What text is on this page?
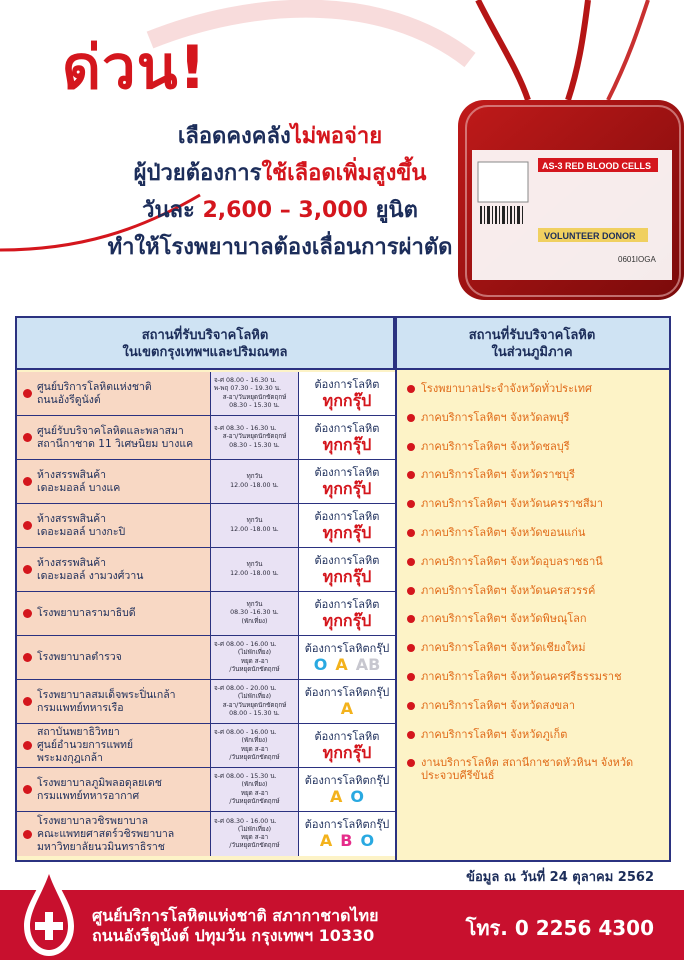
ด่วน!
เลือดคงคลังไม่พอจ่าย
ผู้ป่วยต้องการใช้เลือดเพิ่มสูงขึ้น
วันละ 2,600 – 3,000 ยูนิต
ทำให้โรงพยาบาลต้องเลื่อนการผ่าตัด
AS-3 RED BLOOD CELLS
VOLUNTEER DONOR
0601IOGA
สถานที่รับบริจาคโลหิต
ในเขตกรุงเทพฯและปริมณฑล
สถานที่รับบริจาคโลหิต
ในส่วนภูมิภาค
ศูนย์บริการโลหิตแห่งชาติ
ถนนอังรีดูนังต์
จ-ศ 08.00 - 16.30 น.
พ-พฤ 07.30 - 19.30 น.
ส-อา/วันหยุดนักขัตฤกษ์
08.30 - 15.30 น.
ต้องการโลหิต
ทุกกรุ๊ป
ศูนย์รับบริจาคโลหิตและพลาสมา
สถานีกาชาด 11 วิเศษนิยม บางแค
จ-ศ 08.30 - 16.30 น.
ส-อา/วันหยุดนักขัตฤกษ์
08.30 - 15.30 น.
ต้องการโลหิต
ทุกกรุ๊ป
ห้างสรรพสินค้า
เดอะมอลล์ บางแค
ทุกวัน
12.00 -18.00 น.
ต้องการโลหิต
ทุกกรุ๊ป
ห้างสรรพสินค้า
เดอะมอลล์ บางกะปิ
ทุกวัน
12.00 -18.00 น.
ต้องการโลหิต
ทุกกรุ๊ป
ห้างสรรพสินค้า
เดอะมอลล์ งามวงศ์วาน
ทุกวัน
12.00 -18.00 น.
ต้องการโลหิต
ทุกกรุ๊ป
โรงพยาบาลรามาธิบดี
ทุกวัน
08.30 -16.30 น.
(พักเที่ยง)
ต้องการโลหิต
ทุกกรุ๊ป
โรงพยาบาลตำรวจ
จ-ศ 08.00 - 16.00 น.
(ไม่พักเที่ยง)
หยุด ส-อา
/วันหยุดนักขัตฤกษ์
ต้องการโลหิตกรุ๊ป
O A AB
โรงพยาบาลสมเด็จพระปิ่นเกล้า
กรมแพทย์ทหารเรือ
จ-ศ 08.00 - 20.00 น.
(ไม่พักเที่ยง)
ส-อา/วันหยุดนักขัตฤกษ์
08.00 - 15.30 น.
ต้องการโลหิตกรุ๊ป
A
สถาบันพยาธิวิทยา
ศูนย์อำนวยการแพทย์
พระมงกุฎเกล้า
จ-ศ 08.00 - 16.00 น.
(พักเที่ยง)
หยุด ส-อา
/วันหยุดนักขัตฤกษ์
ต้องการโลหิต
ทุกกรุ๊ป
โรงพยาบาลภูมิพลอดุลยเดช
กรมแพทย์ทหารอากาศ
จ-ศ 08.00 - 15.30 น.
(พักเที่ยง)
หยุด ส-อา
/วันหยุดนักขัตฤกษ์
ต้องการโลหิตกรุ๊ป
A O
โรงพยาบาลวชิรพยาบาล
คณะแพทยศาสตร์วชิรพยาบาล
มหาวิทยาลัยนวมินทราธิราช
จ-ศ 08.30 - 16.00 น.
(ไม่พักเที่ยง)
หยุด ส-อา
/วันหยุดนักขัตฤกษ์
ต้องการโลหิตกรุ๊ป
A B O
โรงพยาบาลประจำจังหวัดทั่วประเทศ
ภาคบริการโลหิตฯ จังหวัดลพบุรี
ภาคบริการโลหิตฯ จังหวัดชลบุรี
ภาคบริการโลหิตฯ จังหวัดราชบุรี
ภาคบริการโลหิตฯ จังหวัดนครราชสีมา
ภาคบริการโลหิตฯ จังหวัดขอนแก่น
ภาคบริการโลหิตฯ จังหวัดอุบลราชธานี
ภาคบริการโลหิตฯ จังหวัดนครสวรรค์
ภาคบริการโลหิตฯ จังหวัดพิษณุโลก
ภาคบริการโลหิตฯ จังหวัดเชียงใหม่
ภาคบริการโลหิตฯ จังหวัดนครศรีธรรมราช
ภาคบริการโลหิตฯ จังหวัดสงขลา
ภาคบริการโลหิตฯ จังหวัดภูเก็ต
งานบริการโลหิต สถานีกาชาดหัวหินฯ จังหวัดประจวบคีรีขันธ์
ข้อมูล ณ วันที่ 24 ตุลาคม 2562
ศูนย์บริการโลหิตแห่งชาติ สภากาชาดไทย
ถนนอังรีดูนังต์ ปทุมวัน กรุงเทพฯ 10330	โทร. 0 2256 4300
